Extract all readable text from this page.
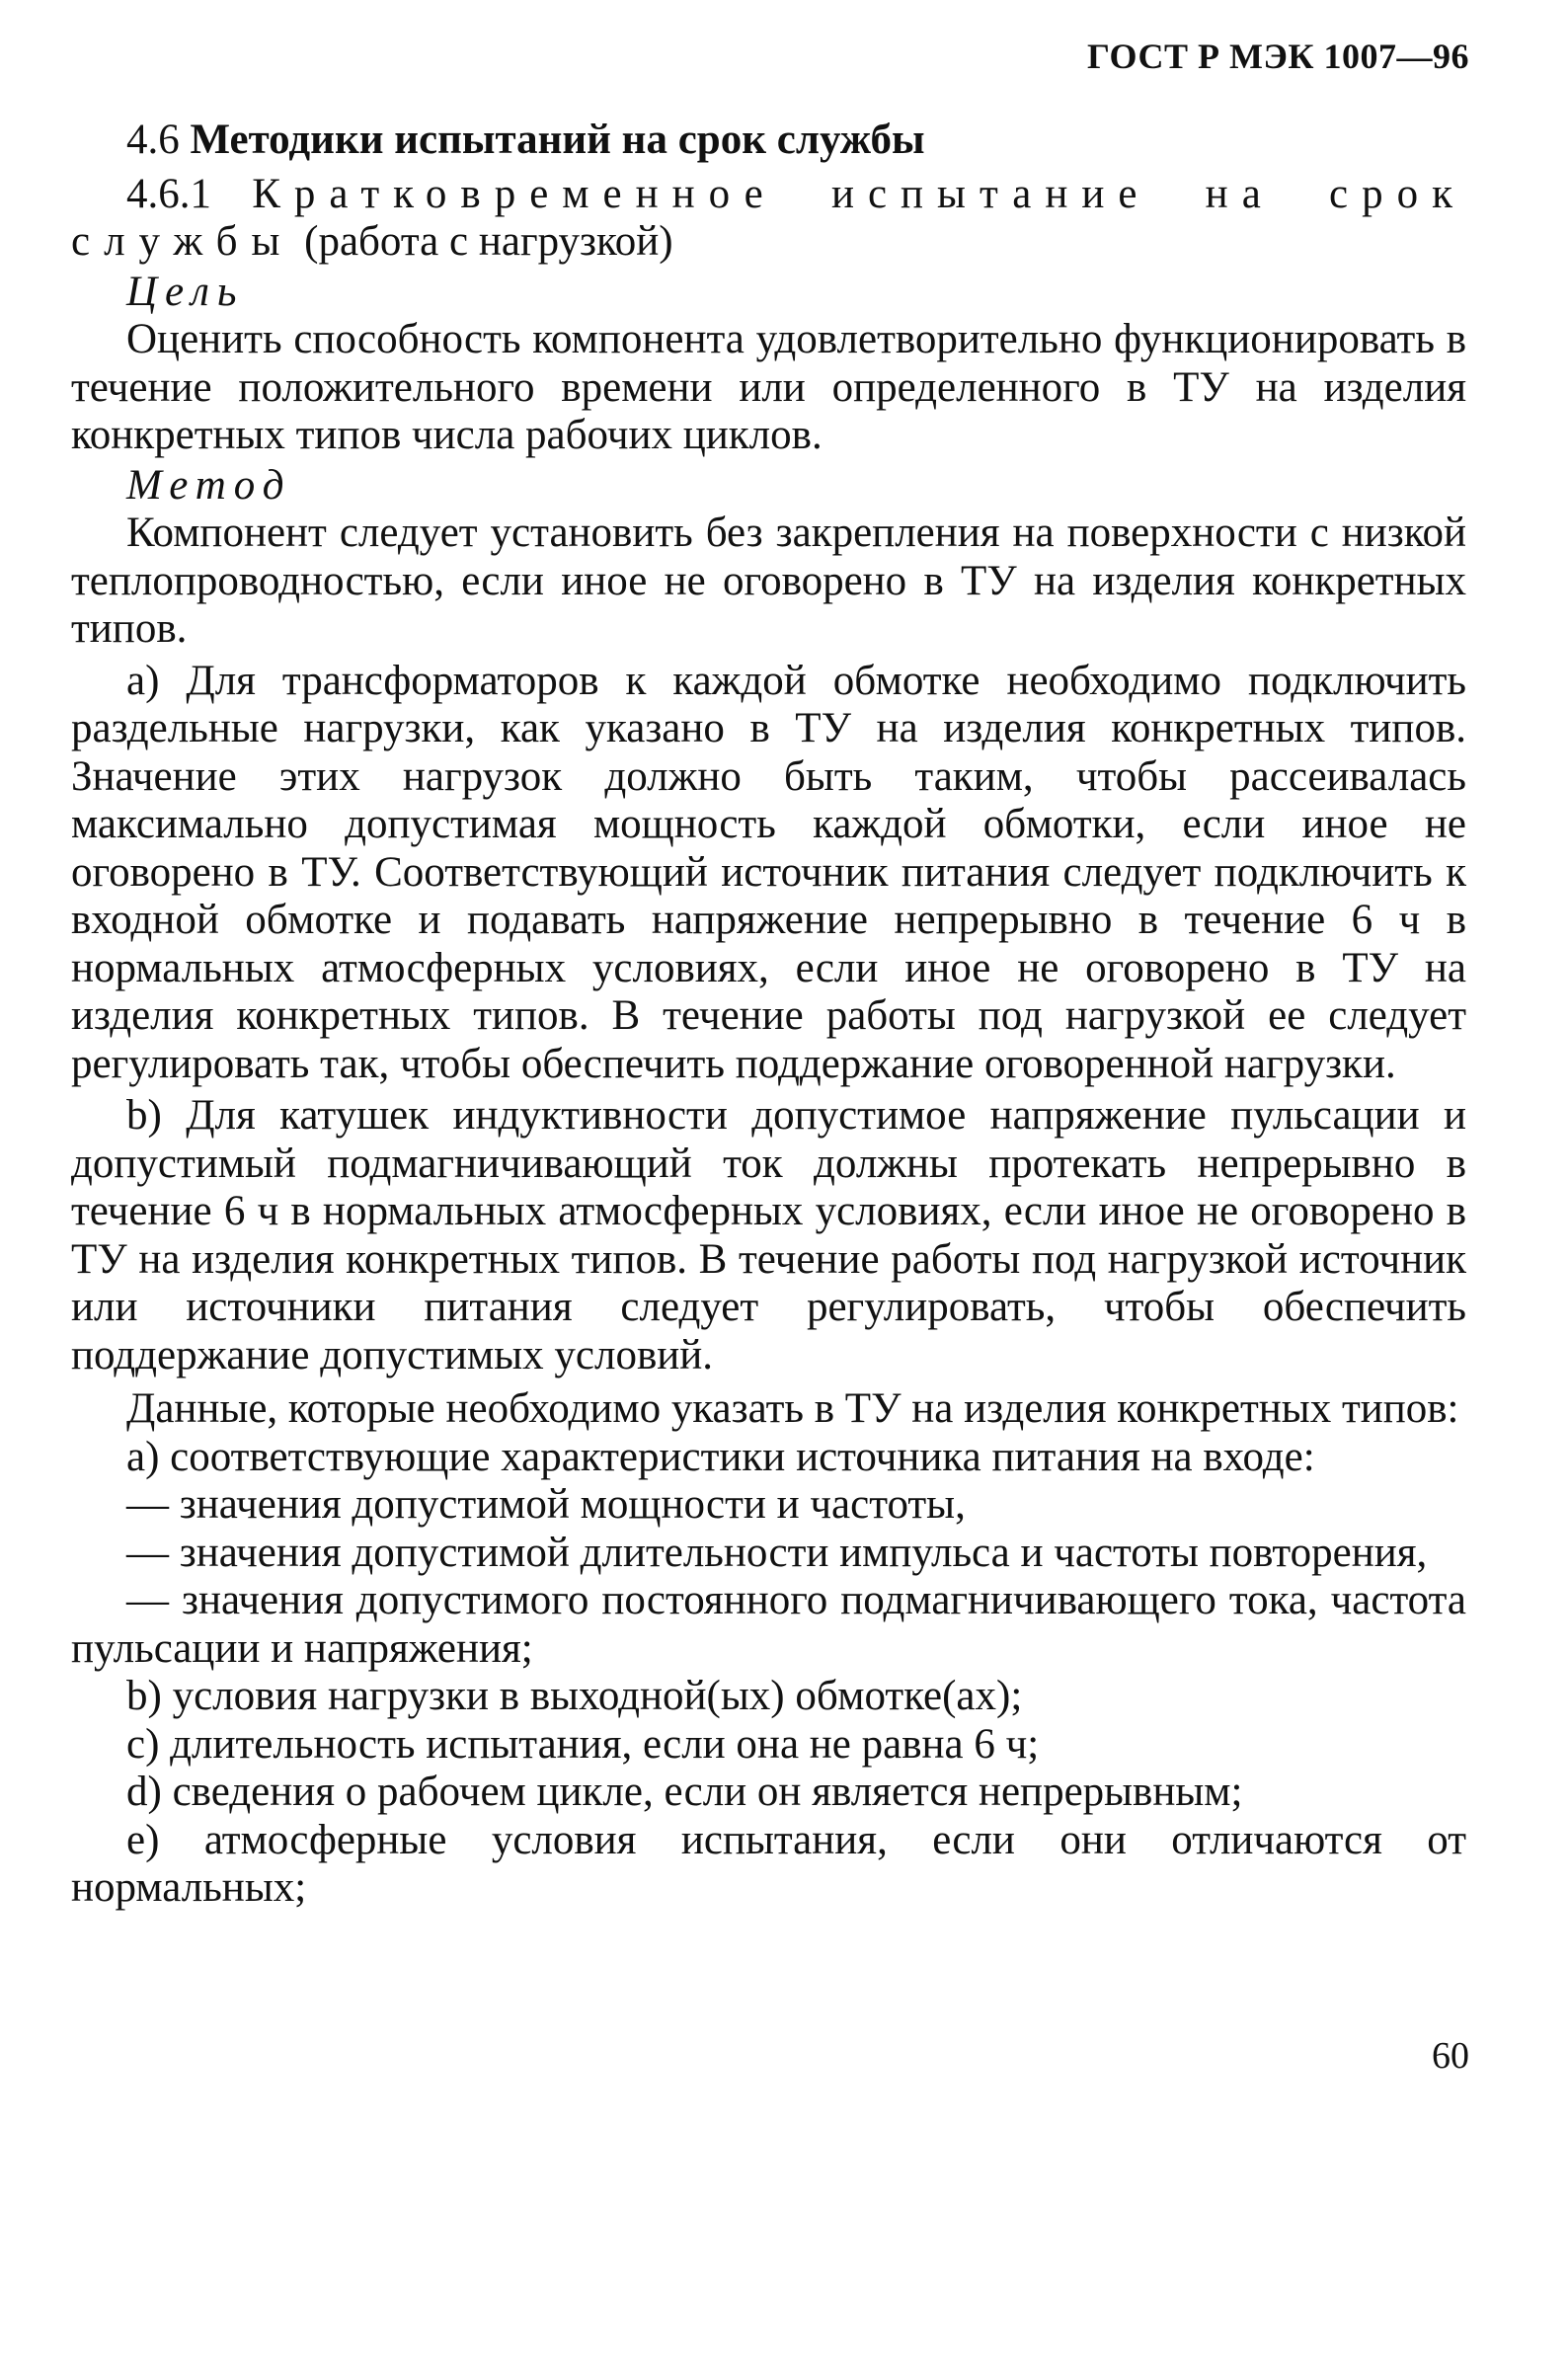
ГОСТ Р МЭК 1007—96

4.6 Методики испытаний на срок службы

4.6.1 Кратковременное испытание на срок

службы (работа с нагрузкой)

Цель

Оценить способность компонента удовлетворительно функционировать в течение положительного времени или определенного в ТУ на изделия конкретных типов числа рабочих циклов.

Метод

Компонент следует установить без закрепления на поверхности с низкой теплопроводностью, если иное не оговорено в ТУ на изделия конкретных типов.

a) Для трансформаторов к каждой обмотке необходимо подключить раздельные нагрузки, как указано в ТУ на изделия конкретных типов. Значение этих нагрузок должно быть таким, чтобы рассеивалась максимально допустимая мощность каждой обмотки, если иное не оговорено в ТУ. Соответствующий источник питания следует подключить к входной обмотке и подавать напряжение непрерывно в течение 6 ч в нормальных атмосферных условиях, если иное не оговорено в ТУ на изделия конкретных типов. В течение работы под нагрузкой ее следует регулировать так, чтобы обеспечить поддержание оговоренной нагрузки.

b) Для катушек индуктивности допустимое напряжение пульсации и допустимый подмагничивающий ток должны протекать непрерывно в течение 6 ч в нормальных атмосферных условиях, если иное не оговорено в ТУ на изделия конкретных типов. В течение работы под нагрузкой источник или источники питания следует регулировать, чтобы обеспечить поддержание допустимых условий.

Данные, которые необходимо указать в ТУ на изделия конкретных типов:

a) соответствующие характеристики источника питания на входе:

— значения допустимой мощности и частоты,

— значения допустимой длительности импульса и частоты повторения,

— значения допустимого постоянного подмагничивающего тока, частота пульсации и напряжения;

b) условия нагрузки в выходной(ых) обмотке(ах);

c) длительность испытания, если она не равна 6 ч;

d) сведения о рабочем цикле, если он является непрерывным;

e) атмосферные условия испытания, если они отличаются от нормальных;

60
